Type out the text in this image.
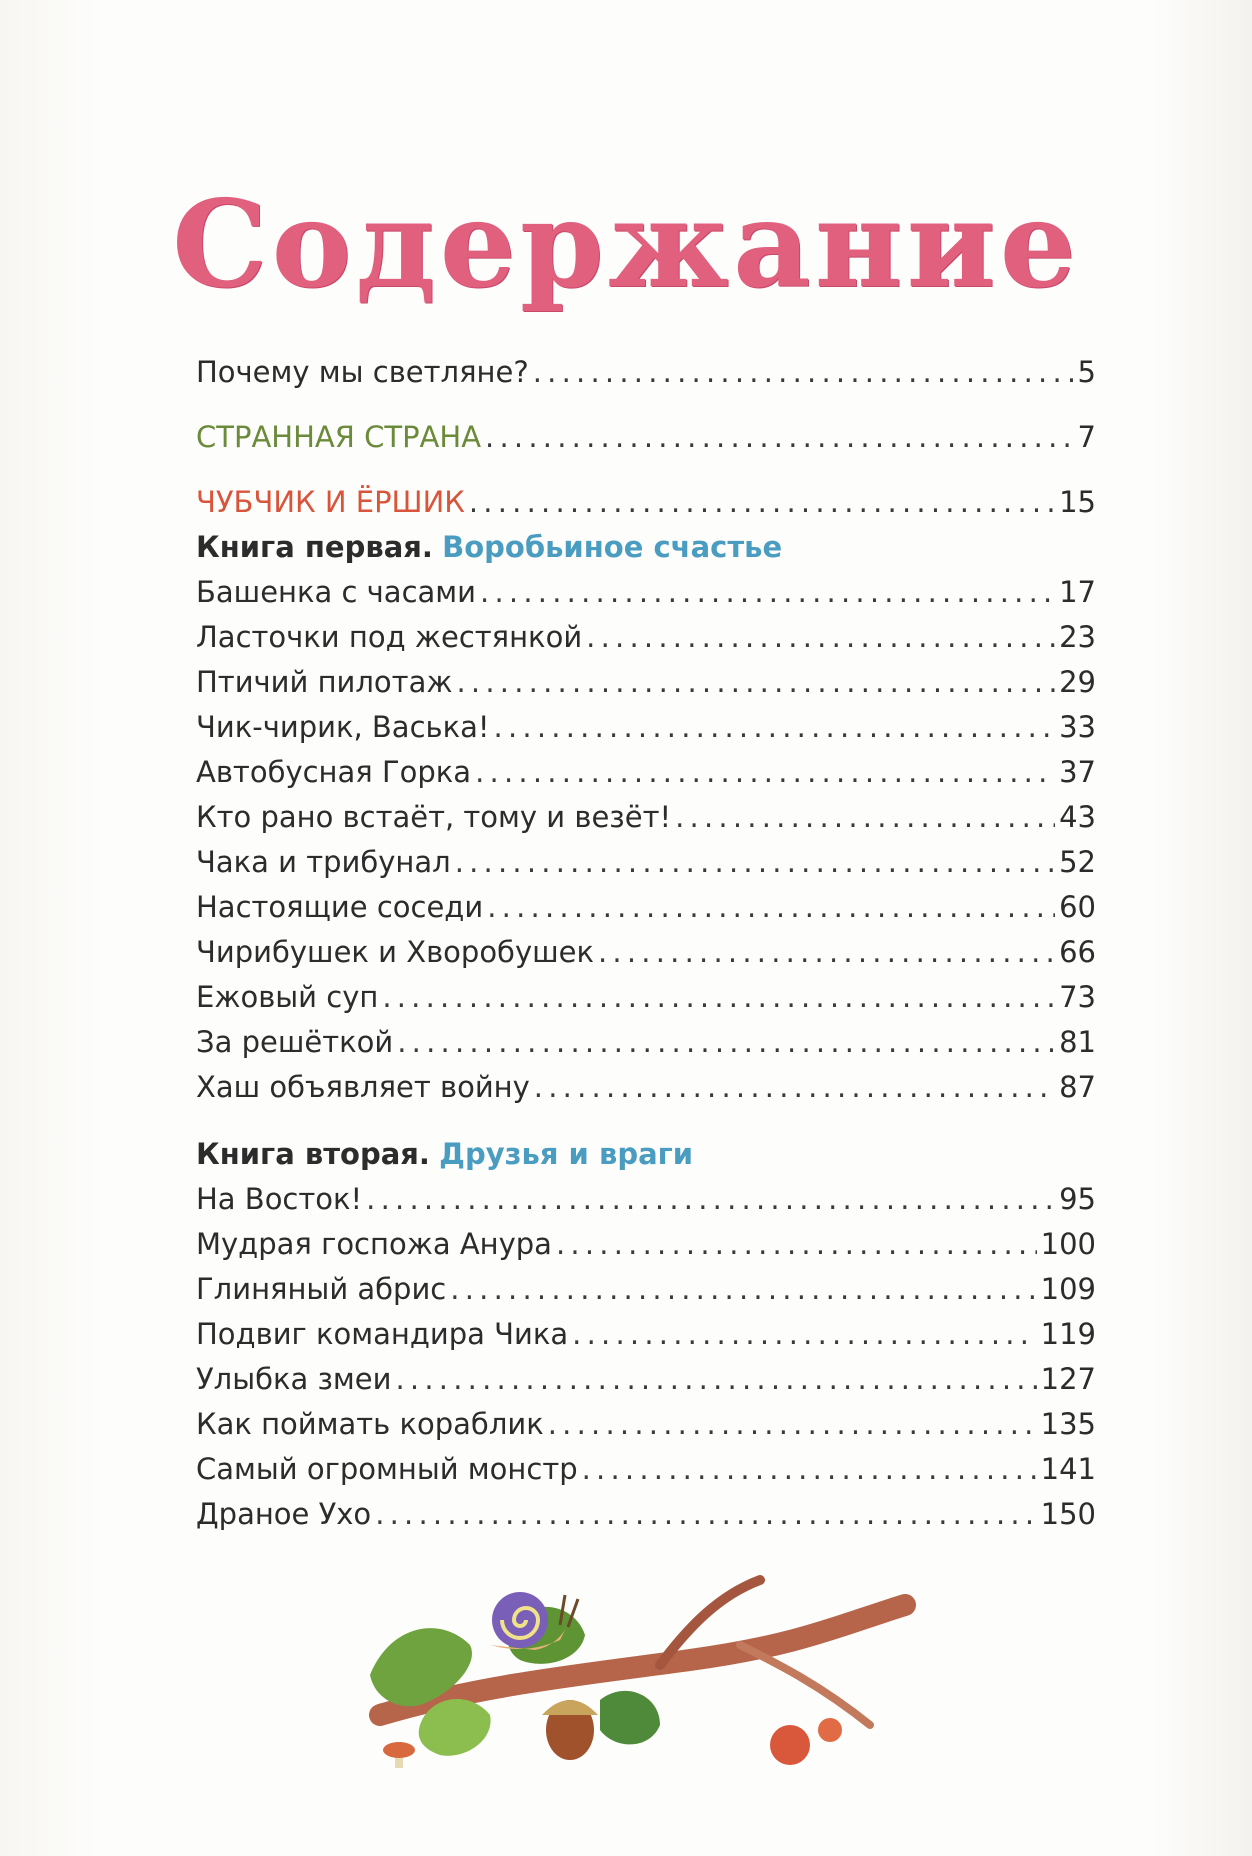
Содержание
Почему мы светляне? . . .	5
СТРАННАЯ СТРАНА . . .	7
ЧУБЧИК И ЁРШИК . . .	15
Книга первая. Воробьиное счастье
Башенка с часами . . .	17
Ласточки под жестянкой . . .	23
Птичий пилотаж . . .	29
Чик-чирик, Васька! . . .	33
Автобусная Горка . . .	37
Кто рано встаёт, тому и везёт! . . .	43
Чака и трибунал . . .	52
Настоящие соседи . . .	60
Чирибушек и Хворобушек . . .	66
Ежовый суп . . .	73
За решёткой . . .	81
Хаш объявляет войну . . .	87
Книга вторая. Друзья и враги
На Восток! . . .	95
Мудрая госпожа Анура . . .	100
Глиняный абрис . . .	109
Подвиг командира Чика . . .	119
Улыбка змеи . . .	127
Как поймать кораблик . . .	135
Самый огромный монстр . . .	141
Драное Ухо . . .	150
